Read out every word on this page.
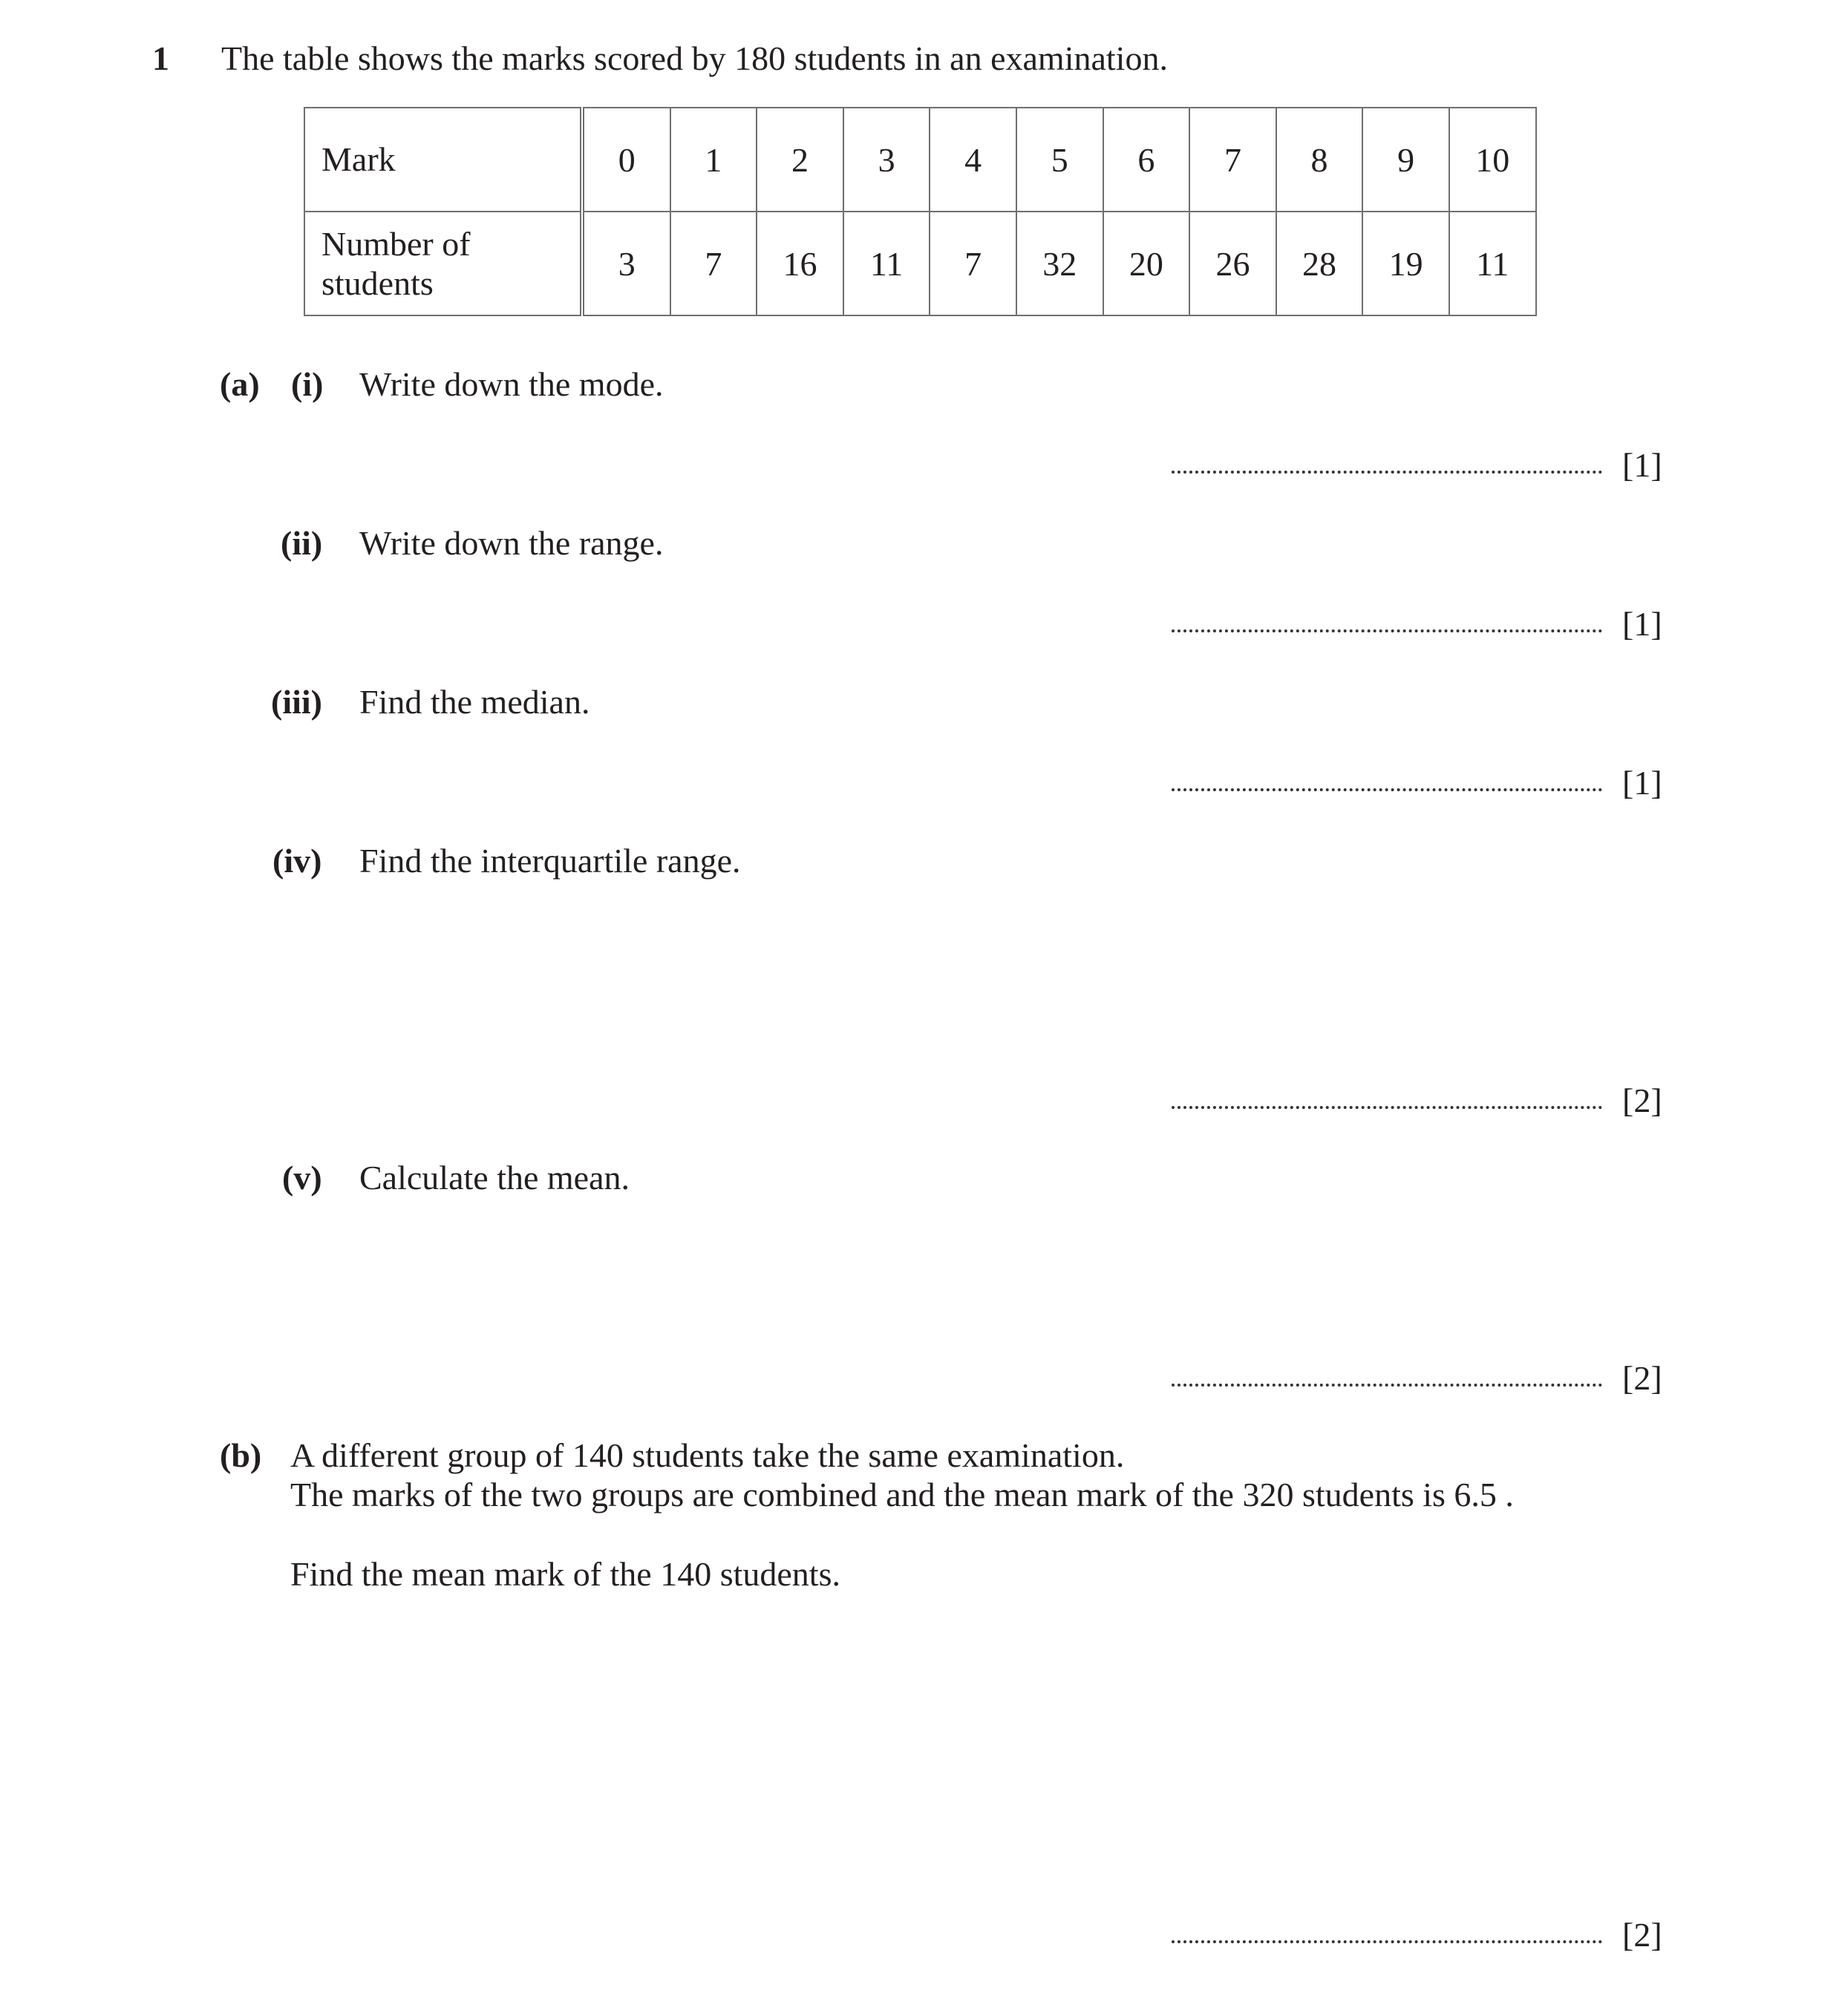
1 The table shows the marks scored by 180 students in an examination.
Mark	0	1	2	3	4	5	6	7	8	9	10
Number of
students	3	7	16	11	7	32	20	26	28	19	11
(a) (i) Write down the mode.
[1]
(ii) Write down the range.
[1]
(iii) Find the median.
[1]
(iv) Find the interquartile range.
[2]
(v) Calculate the mean.
[2]
(b) A different group of 140 students take the same examination.
The marks of the two groups are combined and the mean mark of the 320 students is 6.5 .
Find the mean mark of the 140 students.
[2]
